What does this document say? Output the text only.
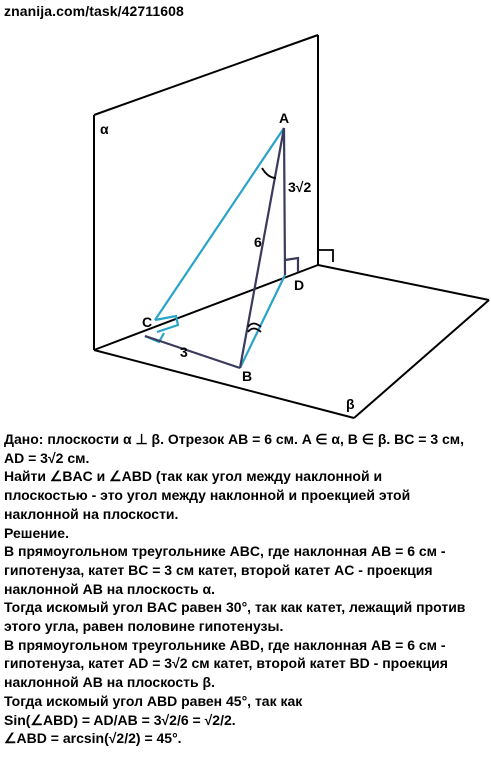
znanija.com/task/42711608
α
β
A
B
C
D
3√2
6
3
Дано: плоскости α ⊥ β. Отрезок AB = 6 см. A ∈ α, B ∈ β. BC = 3 см,
AD = 3√2 см.
Найти ∠BAC и ∠ABD (так как угол между наклонной и
плоскостью - это угол между наклонной и проекцией этой
наклонной на плоскости.
Решение.
В прямоугольном треугольнике ABC, где наклонная AB = 6 см -
гипотенуза, катет BC = 3 см катет, второй катет AC - проекция
наклонной AB на плоскость α.
Тогда искомый угол BAC равен 30°, так как катет, лежащий против
этого угла, равен половине гипотенузы.
В прямоугольном треугольнике ABD, где наклонная AB = 6 см -
гипотенуза, катет AD = 3√2 см катет, второй катет BD - проекция
наклонной AB на плоскость β.
Тогда искомый угол ABD равен 45°, так как
Sin(∠ABD) = AD/AB = 3√2/6 = √2/2.
∠ABD = arcsin(√2/2) = 45°.
